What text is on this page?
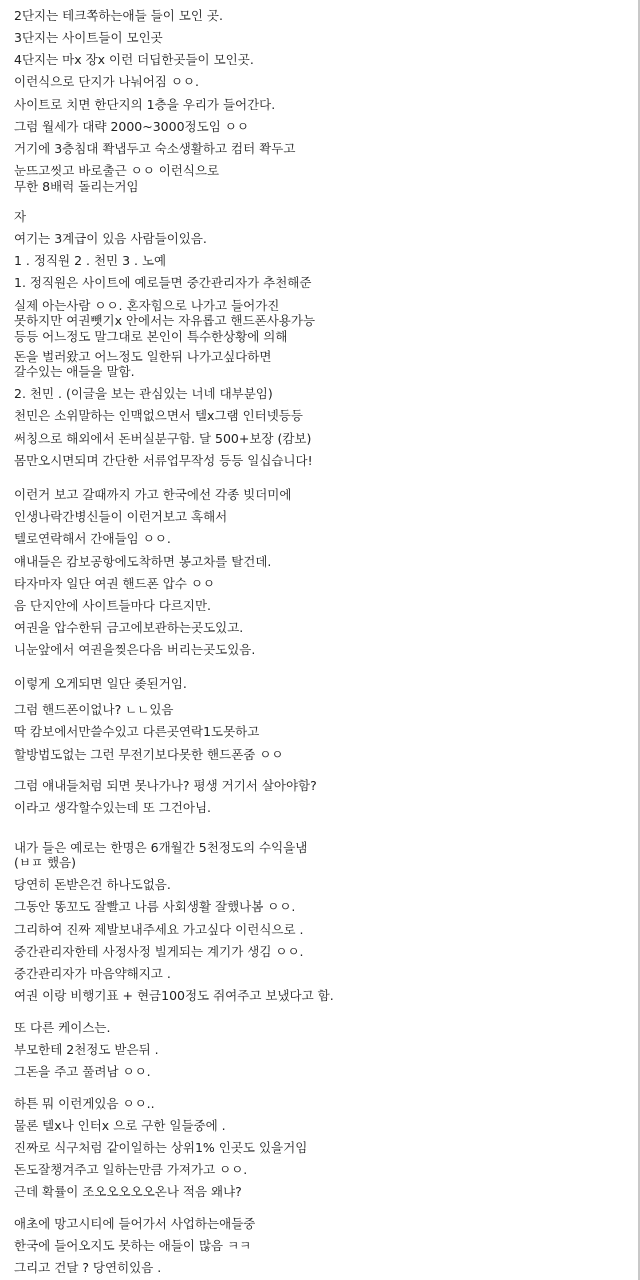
2단지는 테크쪽하는애들 들이 모인 곳.
3단지는 사이트들이 모인곳
4단지는 마x 장x 이런 더딥한곳들이 모인곳.
이런식으로 단지가 나눠어짐 ㅇㅇ.
사이트로 치면 한단지의 1층을 우리가 들어간다.
그럼 월세가 대략 2000~3000정도임 ㅇㅇ
거기에 3층침대 쫙냅두고 숙소생활하고 컴터 쫙두고
눈뜨고씻고 바로출근 ㅇㅇ 이런식으로
무한 8배럭 돌리는거임
자
여기는 3계급이 있음 사람들이있음.
1 . 정직원 2 . 천민 3 . 노예
1. 정직원은 사이트에 예로들면 중간관리자가 추천해준
실제 아는사람 ㅇㅇ. 혼자힘으로 나가고 들어가진
못하지만 여권뺏기x 안에서는 자유롭고 핸드폰사용가능
등등 어느정도 말그대로 본인이 특수한상황에 의해
돈을 벌러왔고 어느정도 일한뒤 나가고싶다하면
갈수있는 애들을 말함.
2. 천민 . (이글을 보는 관심있는 너네 대부분임)
천민은 소위말하는 인맥없으면서 텔x그램 인터넷등등
써칭으로 해외에서 돈버실분구함. 달 500+보장 (캄보)
몸만오시면되며 간단한 서류업무작성 등등 일십습니다!
이런거 보고 갈때까지 가고 한국에선 각종 빚더미에
인생나락간병신들이 이런거보고 혹해서
텔로연락해서 간애들임 ㅇㅇ.
얘내들은 캄보공항에도착하면 봉고차를 탈건데.
타자마자 일단 여권 핸드폰 압수 ㅇㅇ
음 단지안에 사이트들마다 다르지만.
여권을 압수한뒤 금고에보관하는곳도있고.
니눈앞에서 여권을찢은다음 버리는곳도있음.
이렇게 오게되면 일단 좆된거임.
그럼 핸드폰이없나? ㄴㄴ있음
딱 캄보에서만쓸수있고 다른곳연락1도못하고
할방법도없는 그런 무전기보다못한 핸드폰줌 ㅇㅇ
그럼 얘내들처럼 되면 못나가나? 평생 거기서 살아야함?
이라고 생각할수있는데 또 그건아님.
내가 들은 예로는 한명은 6개월간 5천정도의 수익을냄
(ㅂㅍ 했음)
당연히 돈받은건 하나도없음.
그동안 똥꼬도 잘빨고 나름 사회생활 잘했나봄 ㅇㅇ.
그리하여 진짜 제발보내주세요 가고싶다 이런식으로 .
중간관리자한테 사정사정 빌게되는 계기가 생김 ㅇㅇ.
중간관리자가 마음약해지고 .
여권 이랑 비행기표 + 현금100정도 쥐여주고 보냈다고 함.
또 다른 케이스는.
부모한테 2천정도 받은뒤 .
그돈을 주고 풀려남 ㅇㅇ.
하튼 뭐 이런게있음 ㅇㅇ..
물론 텔x나 인터x 으로 구한 일들중에 .
진짜로 식구처럼 같이일하는 상위1% 인곳도 있을거임
돈도잘챙겨주고 일하는만큼 가져가고 ㅇㅇ.
근데 확률이 조오오오오오온나 적음 왜냐?
애초에 망고시티에 들어가서 사업하는애들중
한국에 들어오지도 못하는 애들이 많음 ㅋㅋ
그리고 건달 ? 당연히있음 .
